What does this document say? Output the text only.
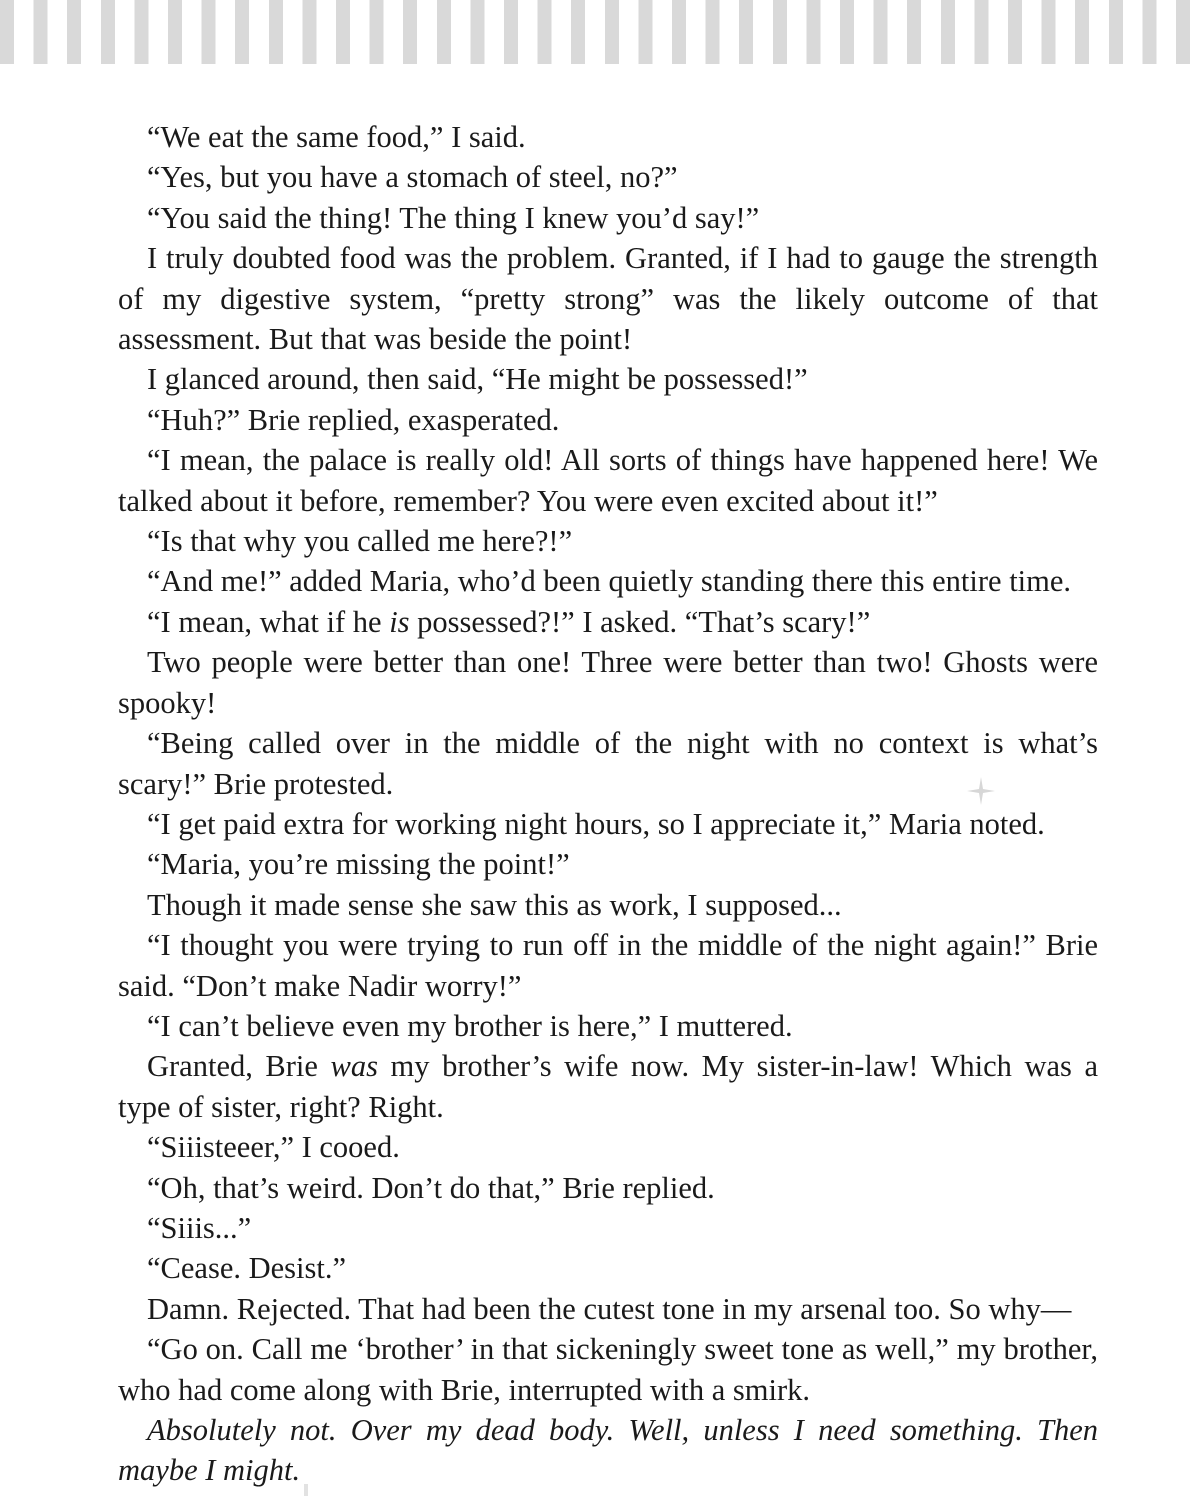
“We eat the same food,” I said.

“Yes, but you have a stomach of steel, no?”

“You said the thing! The thing I knew you’d say!”

I truly doubted food was the problem. Granted, if I had to gauge the strength of my digestive system, “pretty strong” was the likely outcome of that assessment. But that was beside the point!

I glanced around, then said, “He might be possessed!”

“Huh?” Brie replied, exasperated.

“I mean, the palace is really old! All sorts of things have happened here! We talked about it before, remember? You were even excited about it!”

“Is that why you called me here?!”

“And me!” added Maria, who’d been quietly standing there this entire time.

“I mean, what if he is possessed?!” I asked. “That’s scary!”

Two people were better than one! Three were better than two! Ghosts were spooky!

“Being called over in the middle of the night with no context is what’s scary!” Brie protested.

“I get paid extra for working night hours, so I appreciate it,” Maria noted.

“Maria, you’re missing the point!”

Though it made sense she saw this as work, I supposed...

“I thought you were trying to run off in the middle of the night again!” Brie said. “Don’t make Nadir worry!”

“I can’t believe even my brother is here,” I muttered.

Granted, Brie was my brother’s wife now. My sister-in-law! Which was a type of sister, right? Right.

“Siiisteeer,” I cooed.

“Oh, that’s weird. Don’t do that,” Brie replied.

“Siiis...”

“Cease. Desist.”

Damn. Rejected. That had been the cutest tone in my arsenal too. So why—

“Go on. Call me ‘brother’ in that sickeningly sweet tone as well,” my brother, who had come along with Brie, interrupted with a smirk.

Absolutely not. Over my dead body. Well, unless I need something. Then maybe I might.
